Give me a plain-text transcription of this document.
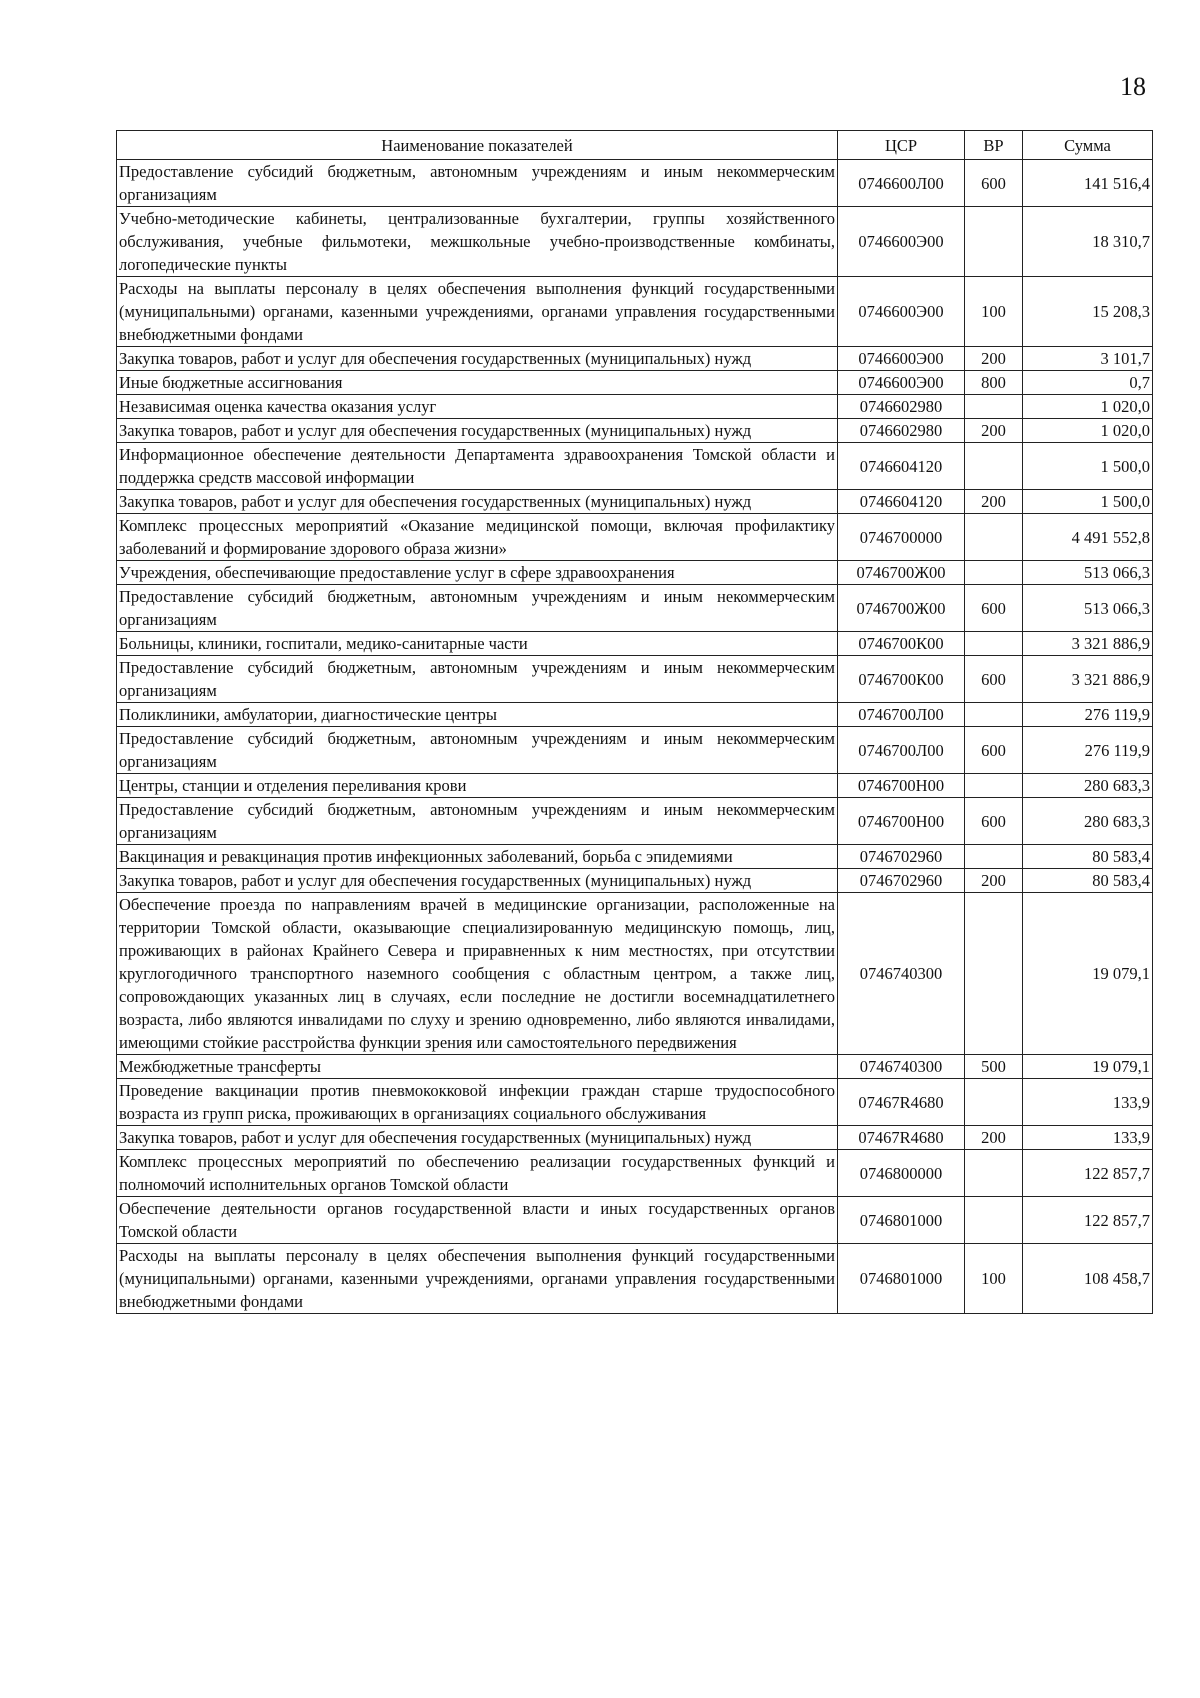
18
Наименование показателей	ЦСР	ВР	Сумма
Предоставление субсидий бюджетным, автономным учреждениям и иным некоммерческим организациям	0746600Л00	600	141 516,4
Учебно-методические кабинеты, централизованные бухгалтерии, группы хозяйственного обслуживания, учебные фильмотеки, межшкольные учебно-производственные комбинаты, логопедические пункты	0746600Э00		18 310,7
Расходы на выплаты персоналу в целях обеспечения выполнения функций государственными (муниципальными) органами, казенными учреждениями, органами управления государственными внебюджетными фондами	0746600Э00	100	15 208,3
Закупка товаров, работ и услуг для обеспечения государственных (муниципальных) нужд	0746600Э00	200	3 101,7
Иные бюджетные ассигнования	0746600Э00	800	0,7
Независимая оценка качества оказания услуг	0746602980		1 020,0
Закупка товаров, работ и услуг для обеспечения государственных (муниципальных) нужд	0746602980	200	1 020,0
Информационное обеспечение деятельности Департамента здравоохранения Томской области и поддержка средств массовой информации	0746604120		1 500,0
Закупка товаров, работ и услуг для обеспечения государственных (муниципальных) нужд	0746604120	200	1 500,0
Комплекс процессных мероприятий «Оказание медицинской помощи, включая профилактику заболеваний и формирование здорового образа жизни»	0746700000		4 491 552,8
Учреждения, обеспечивающие предоставление услуг в сфере здравоохранения	0746700Ж00		513 066,3
Предоставление субсидий бюджетным, автономным учреждениям и иным некоммерческим организациям	0746700Ж00	600	513 066,3
Больницы, клиники, госпитали, медико-санитарные части	0746700К00		3 321 886,9
Предоставление субсидий бюджетным, автономным учреждениям и иным некоммерческим организациям	0746700К00	600	3 321 886,9
Поликлиники, амбулатории, диагностические центры	0746700Л00		276 119,9
Предоставление субсидий бюджетным, автономным учреждениям и иным некоммерческим организациям	0746700Л00	600	276 119,9
Центры, станции и отделения переливания крови	0746700Н00		280 683,3
Предоставление субсидий бюджетным, автономным учреждениям и иным некоммерческим организациям	0746700Н00	600	280 683,3
Вакцинация и ревакцинация против инфекционных заболеваний, борьба с эпидемиями	0746702960		80 583,4
Закупка товаров, работ и услуг для обеспечения государственных (муниципальных) нужд	0746702960	200	80 583,4
Обеспечение проезда по направлениям врачей в медицинские организации, расположенные на территории Томской области, оказывающие специализированную медицинскую помощь, лиц, проживающих в районах Крайнего Севера и приравненных к ним местностях, при отсутствии круглогодичного транспортного наземного сообщения с областным центром, а также лиц, сопровождающих указанных лиц в случаях, если последние не достигли восемнадцатилетнего возраста, либо являются инвалидами по слуху и зрению одновременно, либо являются инвалидами, имеющими стойкие расстройства функции зрения или самостоятельного передвижения	0746740300		19 079,1
Межбюджетные трансферты	0746740300	500	19 079,1
Проведение вакцинации против пневмококковой инфекции граждан старше трудоспособного возраста из групп риска, проживающих в организациях социального обслуживания	07467R4680		133,9
Закупка товаров, работ и услуг для обеспечения государственных (муниципальных) нужд	07467R4680	200	133,9
Комплекс процессных мероприятий по обеспечению реализации государственных функций и полномочий исполнительных органов Томской области	0746800000		122 857,7
Обеспечение деятельности органов государственной власти и иных государственных органов Томской области	0746801000		122 857,7
Расходы на выплаты персоналу в целях обеспечения выполнения функций государственными (муниципальными) органами, казенными учреждениями, органами управления государственными внебюджетными фондами	0746801000	100	108 458,7
